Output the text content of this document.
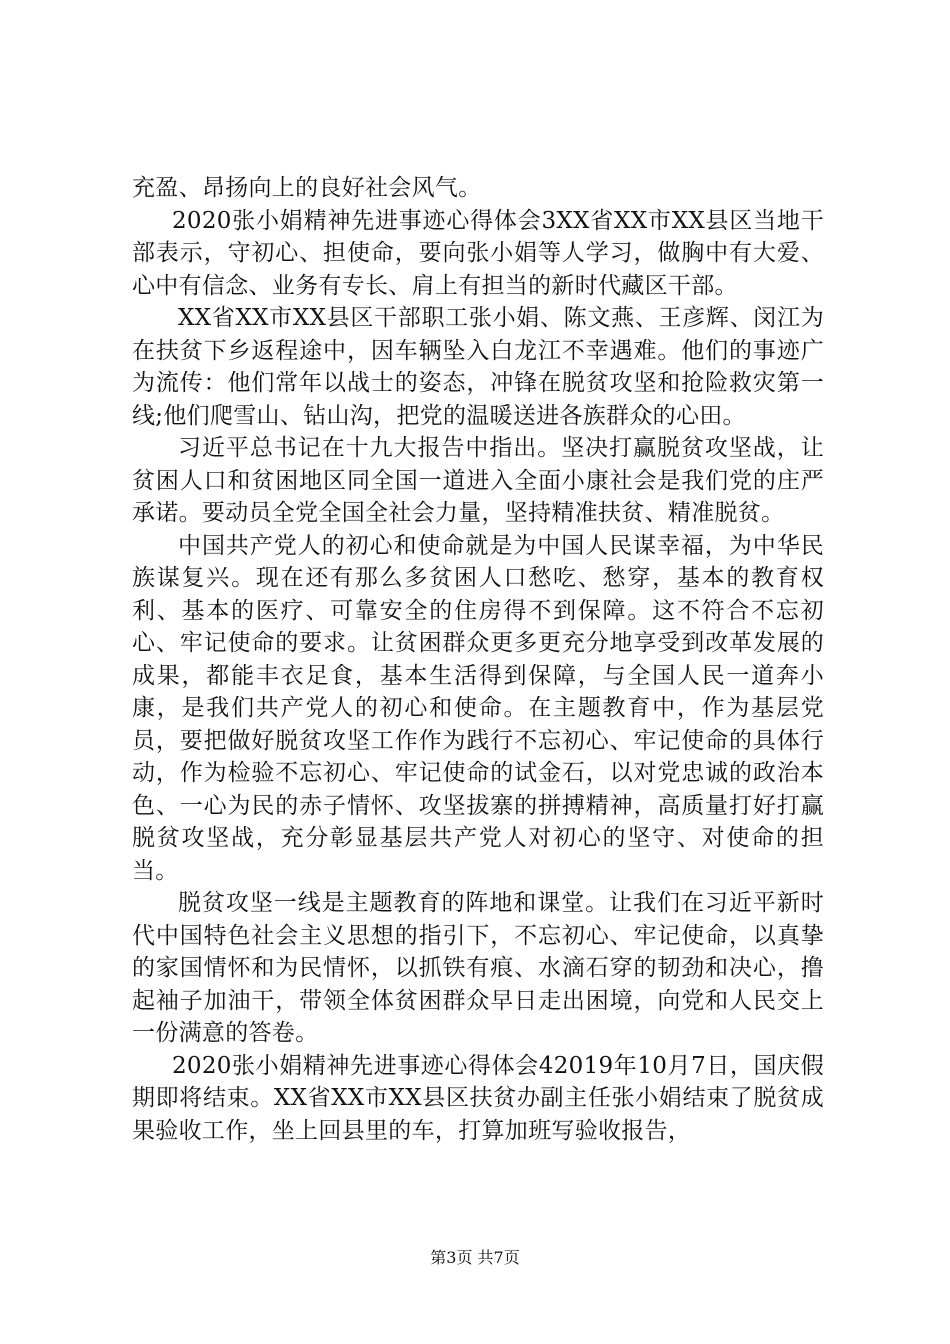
充盈、昂扬向上的良好社会风气。

2020张小娟精神先进事迹心得体会3XX省XX市XX县区当地干部表示，守初心、担使命，要向张小娟等人学习，做胸中有大爱、心中有信念、业务有专长、肩上有担当的新时代藏区干部。

XX省XX市XX县区干部职工张小娟、陈文燕、王彦辉、闵江为在扶贫下乡返程途中，因车辆坠入白龙江不幸遇难。他们的事迹广为流传：他们常年以战士的姿态，冲锋在脱贫攻坚和抢险救灾第一线;他们爬雪山、钻山沟，把党的温暖送进各族群众的心田。

习近平总书记在十九大报告中指出。坚决打赢脱贫攻坚战，让贫困人口和贫困地区同全国一道进入全面小康社会是我们党的庄严承诺。要动员全党全国全社会力量，坚持精准扶贫、精准脱贫。

中国共产党人的初心和使命就是为中国人民谋幸福，为中华民族谋复兴。现在还有那么多贫困人口愁吃、愁穿，基本的教育权利、基本的医疗、可靠安全的住房得不到保障。这不符合不忘初心、牢记使命的要求。让贫困群众更多更充分地享受到改革发展的成果，都能丰衣足食，基本生活得到保障，与全国人民一道奔小康，是我们共产党人的初心和使命。在主题教育中，作为基层党员，要把做好脱贫攻坚工作作为践行不忘初心、牢记使命的具体行动，作为检验不忘初心、牢记使命的试金石，以对党忠诚的政治本色、一心为民的赤子情怀、攻坚拔寨的拼搏精神，高质量打好打赢脱贫攻坚战，充分彰显基层共产党人对初心的坚守、对使命的担当。

脱贫攻坚一线是主题教育的阵地和课堂。让我们在习近平新时代中国特色社会主义思想的指引下，不忘初心、牢记使命，以真挚的家国情怀和为民情怀，以抓铁有痕、水滴石穿的韧劲和决心，撸起袖子加油干，带领全体贫困群众早日走出困境，向党和人民交上一份满意的答卷。

2020张小娟精神先进事迹心得体会42019年10月7日，国庆假期即将结束。XX省XX市XX县区扶贫办副主任张小娟结束了脱贫成果验收工作，坐上回县里的车，打算加班写验收报告，

第3页 共7页
